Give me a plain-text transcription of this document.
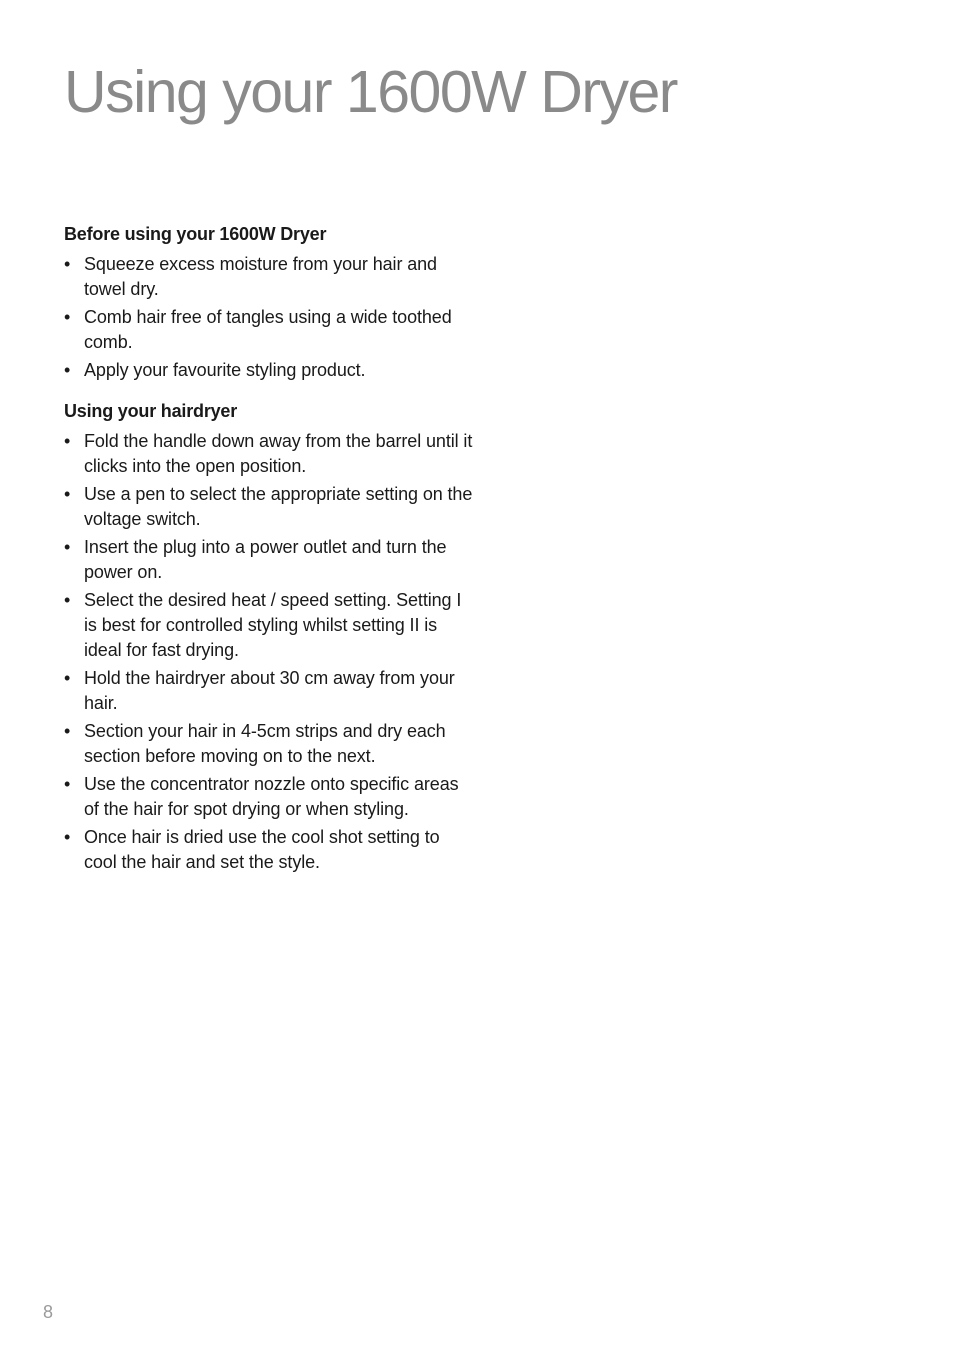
Using your 1600W Dryer
Before using your 1600W Dryer
• Squeeze excess moisture from your hair and towel dry.
• Comb hair free of tangles using a wide toothed comb.
• Apply your favourite styling product.
Using your hairdryer
• Fold the handle down away from the barrel until it clicks into the open position.
• Use a pen to select the appropriate setting on the voltage switch.
• Insert the plug into a power outlet and turn the power on.
• Select the desired heat / speed setting. Setting I is best for controlled styling whilst setting II is ideal for fast drying.
• Hold the hairdryer about 30 cm away from your hair.
• Section your hair in 4-5cm strips and dry each section before moving on to the next.
• Use the concentrator nozzle onto specific areas of the hair for spot drying or when styling.
• Once hair is dried use the cool shot setting to cool the hair and set the style.
8
